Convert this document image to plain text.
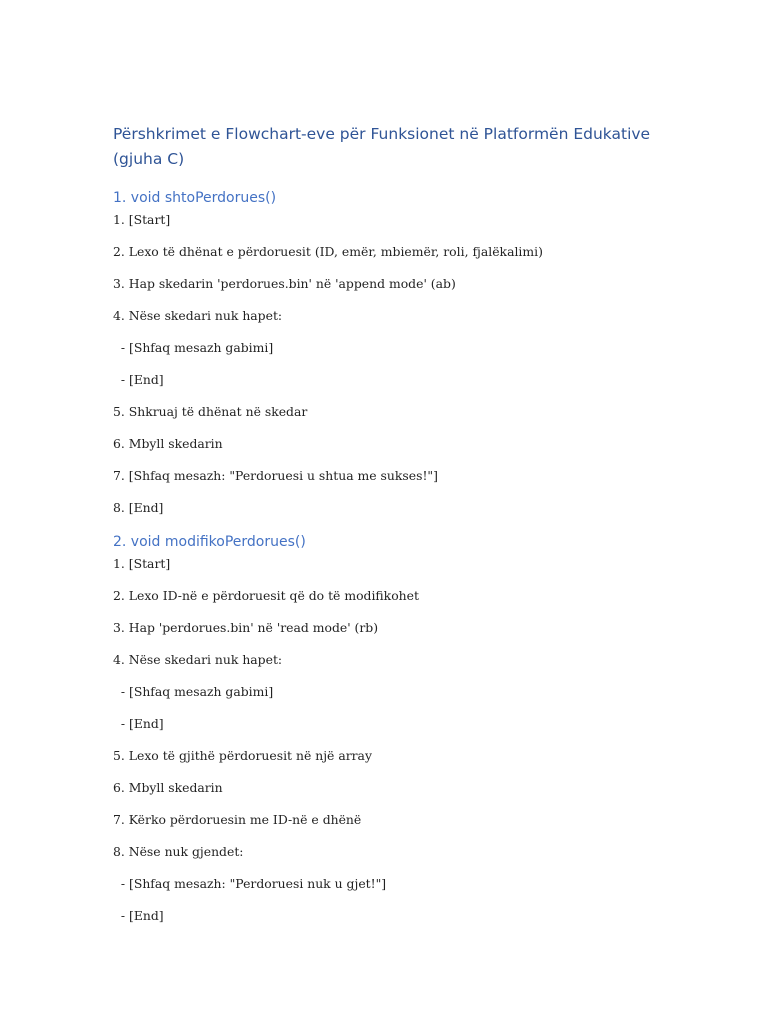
Përshkrimet e Flowchart-eve për Funksionet në Platformën Edukative (gjuha C)
1. void shtoPerdorues()

1. [Start]

2. Lexo të dhënat e përdoruesit (ID, emër, mbiemër, roli, fjalëkalimi)

3. Hap skedarin 'perdorues.bin' në 'append mode' (ab)

4. Nëse skedari nuk hapet:

- [Shfaq mesazh gabimi]

- [End]

5. Shkruaj të dhënat në skedar

6. Mbyll skedarin

7. [Shfaq mesazh: "Perdoruesi u shtua me sukses!"]

8. [End]

2. void modifikoPerdorues()

1. [Start]

2. Lexo ID-në e përdoruesit që do të modifikohet

3. Hap 'perdorues.bin' në 'read mode' (rb)

4. Nëse skedari nuk hapet:

- [Shfaq mesazh gabimi]

- [End]

5. Lexo të gjithë përdoruesit në një array

6. Mbyll skedarin

7. Kërko përdoruesin me ID-në e dhënë

8. Nëse nuk gjendet:

- [Shfaq mesazh: "Perdoruesi nuk u gjet!"]

- [End]
